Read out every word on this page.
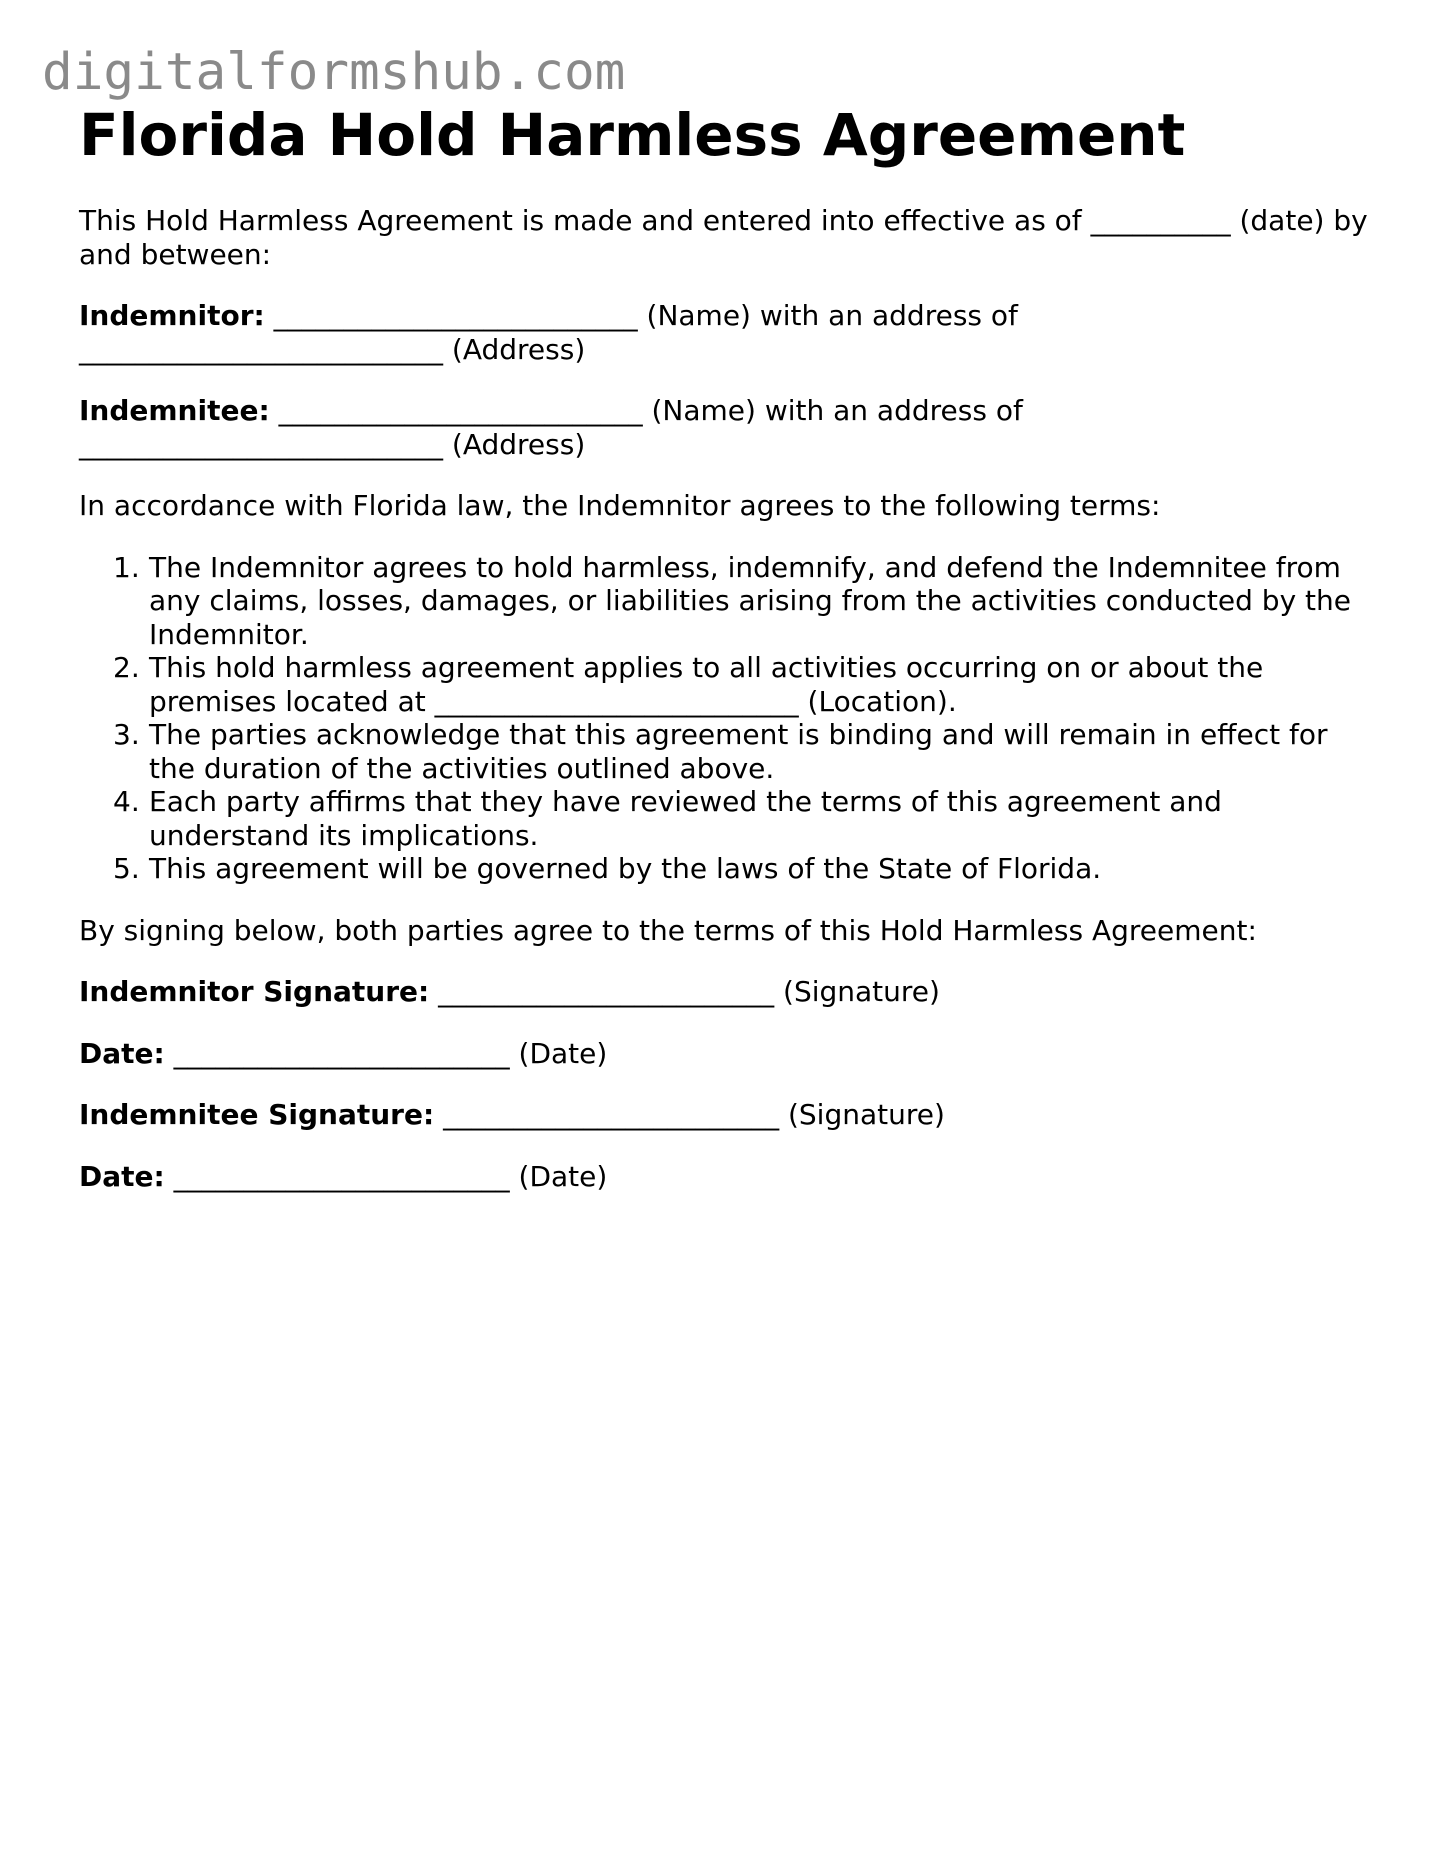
digitalformshub.com
Florida Hold Harmless Agreement

This Hold Harmless Agreement is made and entered into effective as of __________ (date) by and between:

Indemnitor: __________________________ (Name) with an address of
__________________________ (Address)

Indemnitee: __________________________ (Name) with an address of
__________________________ (Address)

In accordance with Florida law, the Indemnitor agrees to the following terms:

The Indemnitor agrees to hold harmless, indemnify, and defend the Indemnitee from any claims, losses, damages, or liabilities arising from the activities conducted by the Indemnitor.
This hold harmless agreement applies to all activities occurring on or about the premises located at __________________________ (Location).
The parties acknowledge that this agreement is binding and will remain in effect for the duration of the activities outlined above.
Each party affirms that they have reviewed the terms of this agreement and understand its implications.
This agreement will be governed by the laws of the State of Florida.

By signing below, both parties agree to the terms of this Hold Harmless Agreement:

Indemnitor Signature: ________________________ (Signature)

Date: ________________________ (Date)

Indemnitee Signature: ________________________ (Signature)

Date: ________________________ (Date)
